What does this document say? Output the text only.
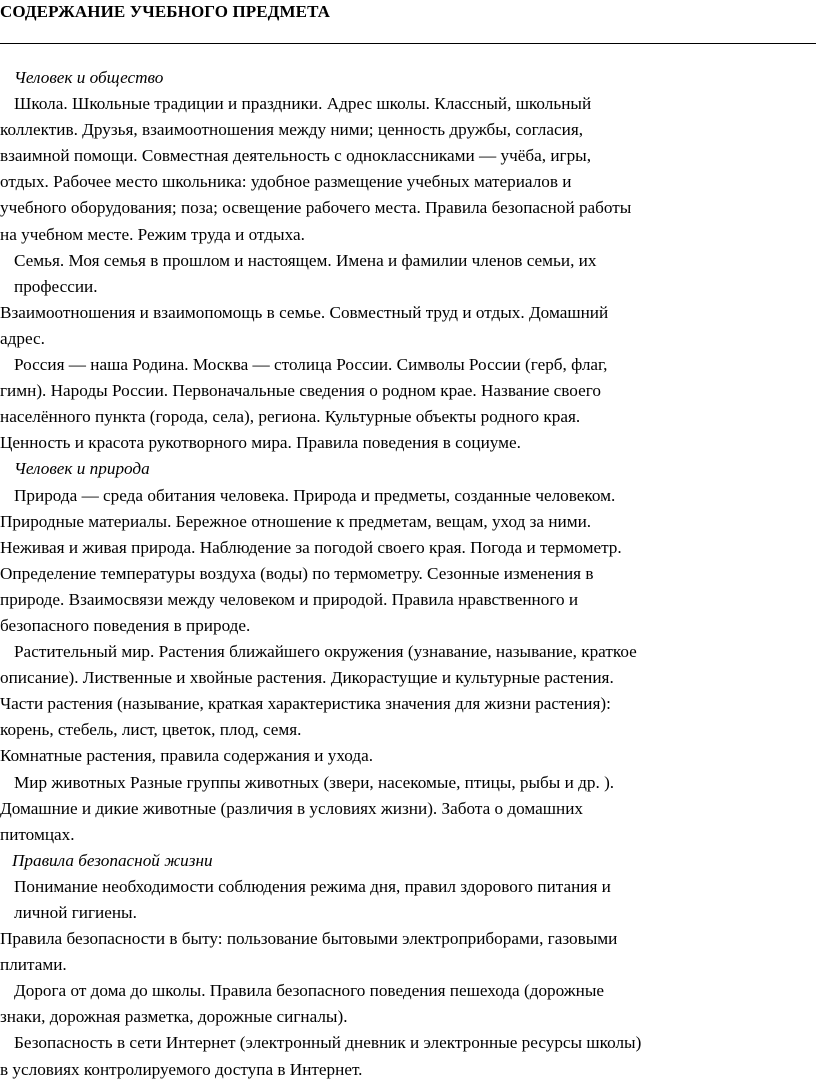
СОДЕРЖАНИЕ УЧЕБНОГО ПРЕДМЕТА
Человек и общество
Школа. Школьные традиции и праздники. Адрес школы. Классный, школьный
коллектив. Друзья, взаимоотношения между ними; ценность дружбы, согласия,
взаимной помощи. Совместная деятельность с одноклассниками — учёба, игры,
отдых. Рабочее место школьника: удобное размещение учебных материалов и
учебного оборудования; поза; освещение рабочего места. Правила безопасной работы
на учебном месте. Режим труда и отдыха.
Семья. Моя семья в прошлом и настоящем. Имена и фамилии членов семьи, их
профессии.
Взаимоотношения и взаимопомощь в семье. Совместный труд и отдых. Домашний
адрес.
Россия — наша Родина. Москва — столица России. Символы России (герб, флаг,
гимн). Народы России. Первоначальные сведения о родном крае. Название своего
населённого пункта (города, села), региона. Культурные объекты родного края.
Ценность и красота рукотворного мира. Правила поведения в социуме.
Человек и природа
Природа — среда обитания человека. Природа и предметы, созданные человеком.
Природные материалы. Бережное отношение к предметам, вещам, уход за ними.
Неживая и живая природа. Наблюдение за погодой своего края. Погода и термометр.
Определение температуры воздуха (воды) по термометру. Сезонные изменения в
природе. Взаимосвязи между человеком и природой. Правила нравственного и
безопасного поведения в природе.
Растительный мир. Растения ближайшего окружения (узнавание, называние, краткое
описание). Лиственные и хвойные растения. Дикорастущие и культурные растения.
Части растения (называние, краткая характеристика значения для жизни растения):
корень, стебель, лист, цветок, плод, семя.
Комнатные растения, правила содержания и ухода.
Мир животных Разные группы животных (звери, насекомые, птицы, рыбы и др. ).
Домашние и дикие животные (различия в условиях жизни). Забота о домашних
питомцах.
Правила безопасной жизни
Понимание необходимости соблюдения режима дня, правил здорового питания и
личной гигиены.
Правила безопасности в быту: пользование бытовыми электроприборами, газовыми
плитами.
Дорога от дома до школы. Правила безопасного поведения пешехода (дорожные
знаки, дорожная разметка, дорожные сигналы).
Безопасность в сети Интернет (электронный дневник и электронные ресурсы школы)
в условиях контролируемого доступа в Интернет.
